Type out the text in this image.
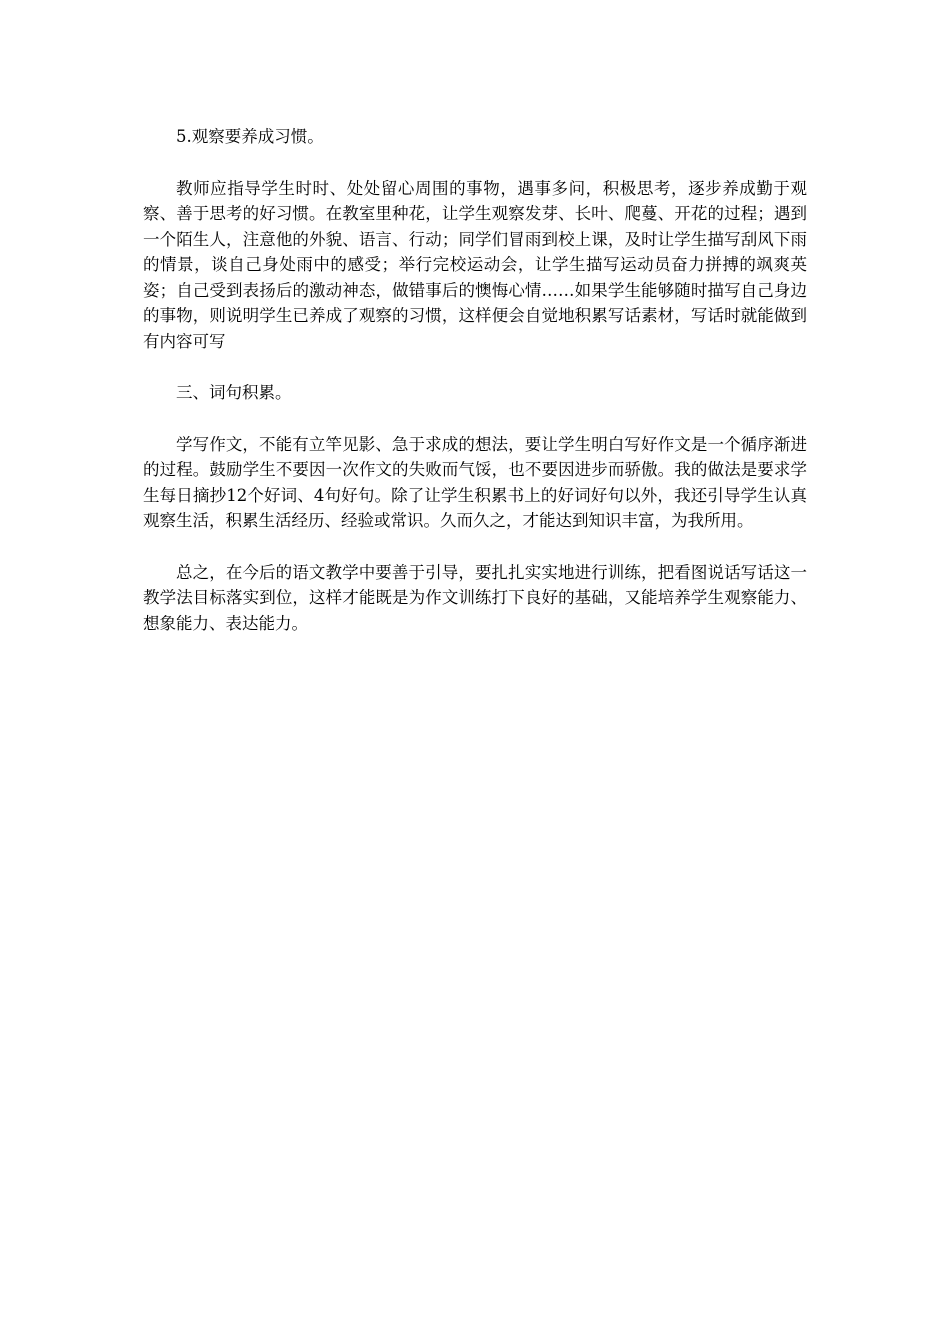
5.观察要养成习惯。

教师应指导学生时时、处处留心周围的事物，遇事多问，积极思考，逐步养成勤于观察、善于思考的好习惯。在教室里种花，让学生观察发芽、长叶、爬蔓、开花的过程；遇到一个陌生人，注意他的外貌、语言、行动；同学们冒雨到校上课，及时让学生描写刮风下雨的情景，谈自己身处雨中的感受；举行完校运动会，让学生描写运动员奋力拼搏的飒爽英姿；自己受到表扬后的激动神态，做错事后的懊悔心情……如果学生能够随时描写自己身边的事物，则说明学生已养成了观察的习惯，这样便会自觉地积累写话素材，写话时就能做到有内容可写

三、词句积累。

学写作文，不能有立竿见影、急于求成的想法，要让学生明白写好作文是一个循序渐进的过程。鼓励学生不要因一次作文的失败而气馁，也不要因进步而骄傲。我的做法是要求学生每日摘抄12个好词、4句好句。除了让学生积累书上的好词好句以外，我还引导学生认真观察生活，积累生活经历、经验或常识。久而久之，才能达到知识丰富，为我所用。

总之，在今后的语文教学中要善于引导，要扎扎实实地进行训练，把看图说话写话这一教学法目标落实到位，这样才能既是为作文训练打下良好的基础，又能培养学生观察能力、想象能力、表达能力。
